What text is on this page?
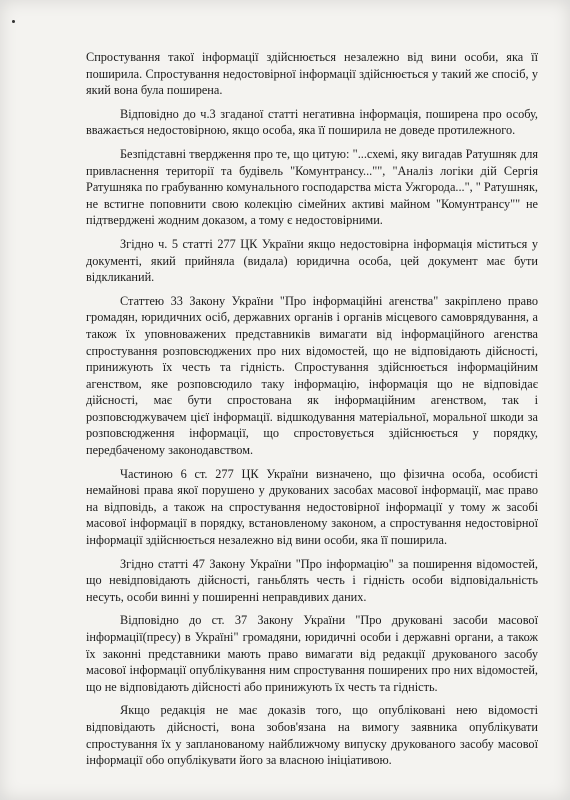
Спростування такої інформації здійснюється незалежно від вини особи, яка її поширила. Спростування недостовірної інформації здійснюється у такий же спосіб, у який вона була поширена.

Відповідно до ч.3 згаданої статті негативна інформація, поширена про особу, вважається недостовірною, якщо особа, яка її поширила не доведе протилежного.

Безпідставні твердження про те, що цитую: "...схемі, яку вигадав Ратушняк для привласнення території та будівель "Комунтрансу..."", "Аналіз логіки дій Сергія Ратушняка по грабуванню комунального господарства міста Ужгорода...", " Ратушняк, не встигне поповнити свою колекцію сімейних активі майном "Комунтрансу"" не підтверджені жодним доказом, а тому є недостовірними.

Згідно ч. 5 статті 277 ЦК України якщо недостовірна інформація міститься у документі, який прийняла (видала) юридична особа, цей документ має бути відкликаний.

Статтею 33 Закону України "Про інформаційні агенства" закріплено право громадян, юридичних осіб, державних органів і органів місцевого самоврядування, а також їх уповноважених представників вимагати від інформаційного агенства спростування розповсюджених про них відомостей, що не відповідають дійсності, принижують їх честь та гідність. Спростування здійснюється інформаційним агенством, яке розповсюдило таку інформацію, інформація що не відповідає дійсності, має бути спростована як інформаційним агенством, так і розповсюджувачем цієї інформації. відшкодування матеріальної, моральної шкоди за розповсюдження інформації, що спростовується здійснюється у порядку, передбаченому законодавством.

Частиною 6 ст. 277 ЦК України визначено, що фізична особа, особисті немайнові права якої порушено у друкованих засобах масової інформації, має право на відповідь, а також на спростування недостовірної інформації у тому ж засобі масової інформації в порядку, встановленому законом, а спростування недостовірної інформації здійснюється незалежно від вини особи, яка її поширила.

Згідно статті 47 Закону України "Про інформацію" за поширення відомостей, що невідповідають дійсності, ганьблять честь і гідність особи відповідальність несуть, особи винні у поширенні неправдивих даних.

Відповідно до ст. 37 Закону України "Про друковані засоби масової інформації(пресу) в Україні" громадяни, юридичні особи і державні органи, а також їх законні представники мають право вимагати від редакції друкованого засобу масової інформації опублікування ним спростування поширених про них відомостей, що не відповідають дійсності або принижують їх честь та гідність.

Якщо редакція не має доказів того, що опубліковані нею відомості відповідають дійсності, вона зобов'язана на вимогу заявника опублікувати спростування їх у запланованому найближчому випуску друкованого засобу масової інформації обо опублікувати його за власною ініціативою.
